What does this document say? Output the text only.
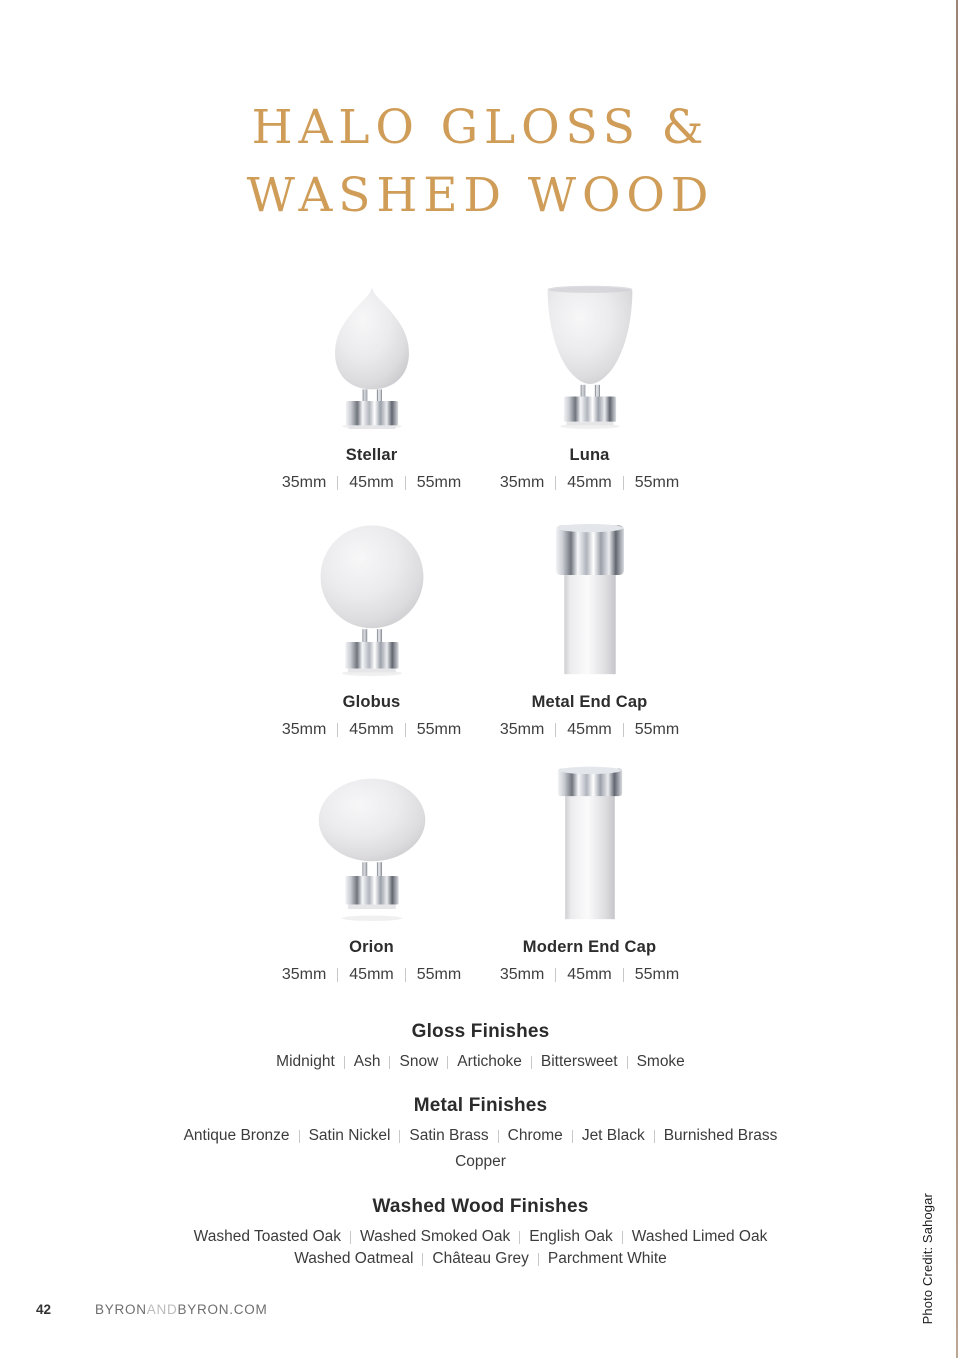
HALO GLOSS &
WASHED WOOD
Stellar
35mm 45mm 55mm
Luna
35mm 45mm 55mm
Globus
35mm 45mm 55mm
Metal End Cap
35mm 45mm 55mm
Orion
35mm 45mm 55mm
Modern End Cap
35mm 45mm 55mm
Gloss Finishes
Midnight Ash Snow Artichoke Bittersweet Smoke
Metal Finishes
Antique Bronze Satin Nickel Satin Brass Chrome Jet Black Burnished Brass
Copper
Washed Wood Finishes
Washed Toasted Oak Washed Smoked Oak English Oak Washed Limed Oak
Washed Oatmeal Château Grey Parchment White
42	BYRONANDBYRON.COM	Photo Credit: Sahogar
